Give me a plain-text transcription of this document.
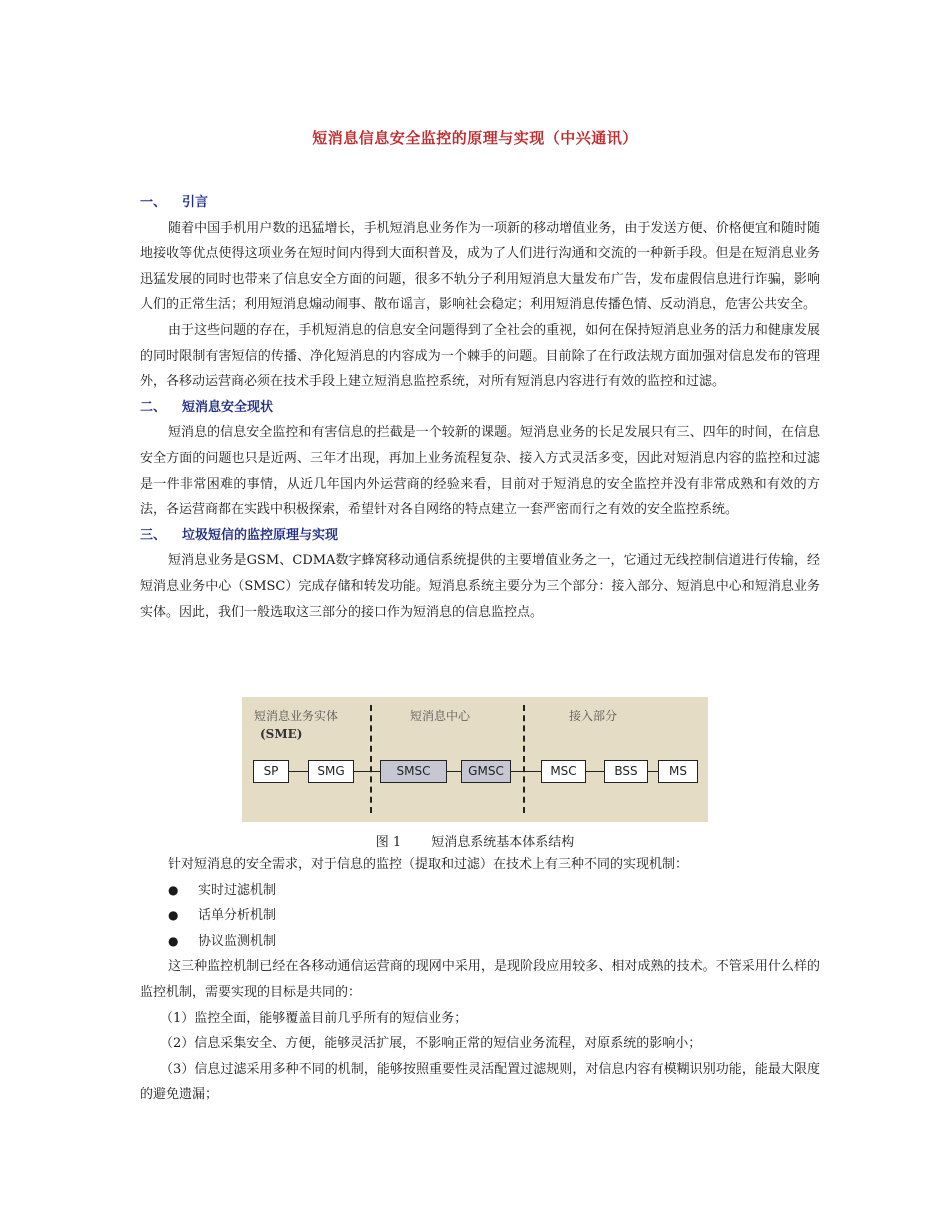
短消息信息安全监控的原理与实现（中兴通讯）
一、 引言

随着中国手机用户数的迅猛增长，手机短消息业务作为一项新的移动增值业务，由于发送方便、价格便宜和随时随地接收等优点使得这项业务在短时间内得到大面积普及，成为了人们进行沟通和交流的一种新手段。但是在短消息业务迅猛发展的同时也带来了信息安全方面的问题，很多不轨分子利用短消息大量发布广告，发布虚假信息进行诈骗，影响人们的正常生活；利用短消息煽动闹事、散布谣言，影响社会稳定；利用短消息传播色情、反动消息，危害公共安全。

由于这些问题的存在，手机短消息的信息安全问题得到了全社会的重视，如何在保持短消息业务的活力和健康发展的同时限制有害短信的传播、净化短消息的内容成为一个棘手的问题。目前除了在行政法规方面加强对信息发布的管理外，各移动运营商必须在技术手段上建立短消息监控系统，对所有短消息内容进行有效的监控和过滤。

二、 短消息安全现状

短消息的信息安全监控和有害信息的拦截是一个较新的课题。短消息业务的长足发展只有三、四年的时间，在信息安全方面的问题也只是近两、三年才出现，再加上业务流程复杂、接入方式灵活多变，因此对短消息内容的监控和过滤是一件非常困难的事情，从近几年国内外运营商的经验来看，目前对于短消息的安全监控并没有非常成熟和有效的方法，各运营商都在实践中积极探索，希望针对各自网络的特点建立一套严密而行之有效的安全监控系统。

三、 垃圾短信的监控原理与实现

短消息业务是GSM、CDMA数字蜂窝移动通信系统提供的主要增值业务之一，它通过无线控制信道进行传输，经短消息业务中心（SMSC）完成存储和转发功能。短消息系统主要分为三个部分：接入部分、短消息中心和短消息业务实体。因此，我们一般选取这三部分的接口作为短消息的信息监控点。

短消息业务实体
(SME)
短消息中心	接入部分
SP	SMG	SMSC	GMSC	MSC	BSS	MS
图 1 短消息系统基本体系结构

针对短消息的安全需求，对于信息的监控（提取和过滤）在技术上有三种不同的实现机制：

● 实时过滤机制
● 话单分析机制
● 协议监测机制

这三种监控机制已经在各移动通信运营商的现网中采用，是现阶段应用较多、相对成熟的技术。不管采用什么样的监控机制，需要实现的目标是共同的：

（1）监控全面，能够覆盖目前几乎所有的短信业务；

（2）信息采集安全、方便，能够灵活扩展，不影响正常的短信业务流程，对原系统的影响小；

（3）信息过滤采用多种不同的机制，能够按照重要性灵活配置过滤规则，对信息内容有模糊识别功能，能最大限度的避免遗漏；
